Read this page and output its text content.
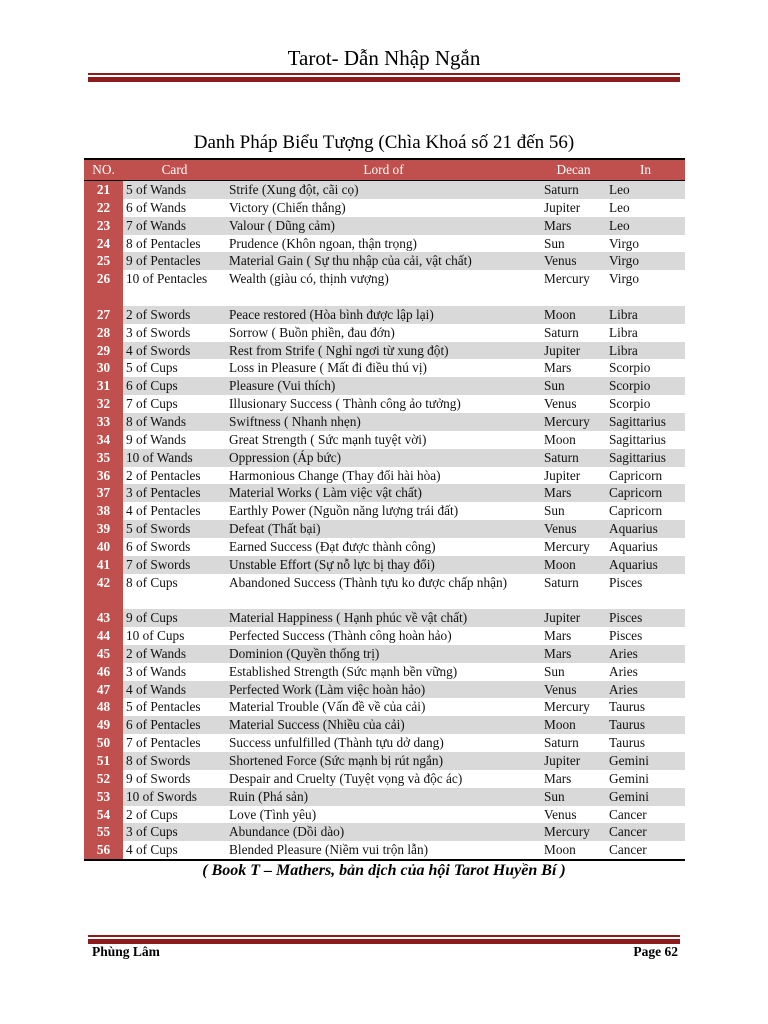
Tarot- Dẫn Nhập Ngắn
Danh Pháp Biểu Tượng (Chìa Khoá số 21 đến 56)
NO.	Card	Lord of	Decan	In
21	5 of Wands	Strife (Xung đột, cãi cọ)	Saturn	Leo
22	6 of Wands	Victory (Chiến thắng)	Jupiter	Leo
23	7 of Wands	Valour ( Dũng cảm)	Mars	Leo
24	8 of Pentacles	Prudence (Khôn ngoan, thận trọng)	Sun	Virgo
25	9 of Pentacles	Material Gain ( Sự thu nhập của cải, vật chất)	Venus	Virgo
26	10 of Pentacles	Wealth (giàu có, thịnh vượng)	Mercury	Virgo
27	2 of Swords	Peace restored (Hòa bình được lập lại)	Moon	Libra
28	3 of Swords	Sorrow ( Buồn phiền, đau đớn)	Saturn	Libra
29	4 of Swords	Rest from Strife ( Nghỉ ngơi từ xung đột)	Jupiter	Libra
30	5 of Cups	Loss in Pleasure ( Mất đi điều thú vị)	Mars	Scorpio
31	6 of Cups	Pleasure (Vui thích)	Sun	Scorpio
32	7 of Cups	Illusionary Success ( Thành công ảo tưởng)	Venus	Scorpio
33	8 of Wands	Swiftness ( Nhanh nhẹn)	Mercury	Sagittarius
34	9 of Wands	Great Strength ( Sức mạnh tuyệt vời)	Moon	Sagittarius
35	10 of Wands	Oppression (Áp bức)	Saturn	Sagittarius
36	2 of Pentacles	Harmonious Change (Thay đổi hài hòa)	Jupiter	Capricorn
37	3 of Pentacles	Material Works ( Làm việc vật chất)	Mars	Capricorn
38	4 of Pentacles	Earthly Power (Nguồn năng lượng trái đất)	Sun	Capricorn
39	5 of Swords	Defeat (Thất bại)	Venus	Aquarius
40	6 of Swords	Earned Success (Đạt được thành công)	Mercury	Aquarius
41	7 of Swords	Unstable Effort (Sự nỗ lực bị thay đổi)	Moon	Aquarius
42	8 of Cups	Abandoned Success (Thành tựu ko được chấp nhận)	Saturn	Pisces
43	9 of Cups	Material Happiness ( Hạnh phúc về vật chất)	Jupiter	Pisces
44	10 of Cups	Perfected Success (Thành công hoàn hảo)	Mars	Pisces
45	2 of Wands	Dominion (Quyền thống trị)	Mars	Aries
46	3 of Wands	Established Strength (Sức mạnh bền vững)	Sun	Aries
47	4 of Wands	Perfected Work (Làm việc hoàn hảo)	Venus	Aries
48	5 of Pentacles	Material Trouble (Vấn đề về của cải)	Mercury	Taurus
49	6 of Pentacles	Material Success (Nhiều của cải)	Moon	Taurus
50	7 of Pentacles	Success unfulfilled (Thành tựu dở dang)	Saturn	Taurus
51	8 of Swords	Shortened Force (Sức mạnh bị rút ngắn)	Jupiter	Gemini
52	9 of Swords	Despair and Cruelty (Tuyệt vọng và độc ác)	Mars	Gemini
53	10 of Swords	Ruin (Phá sản)	Sun	Gemini
54	2 of Cups	Love (Tình yêu)	Venus	Cancer
55	3 of Cups	Abundance (Dồi dào)	Mercury	Cancer
56	4 of Cups	Blended Pleasure (Niềm vui trộn lẫn)	Moon	Cancer
( Book T – Mathers, bản dịch của hội Tarot Huyền Bí )
Phùng Lâm	Page 62
